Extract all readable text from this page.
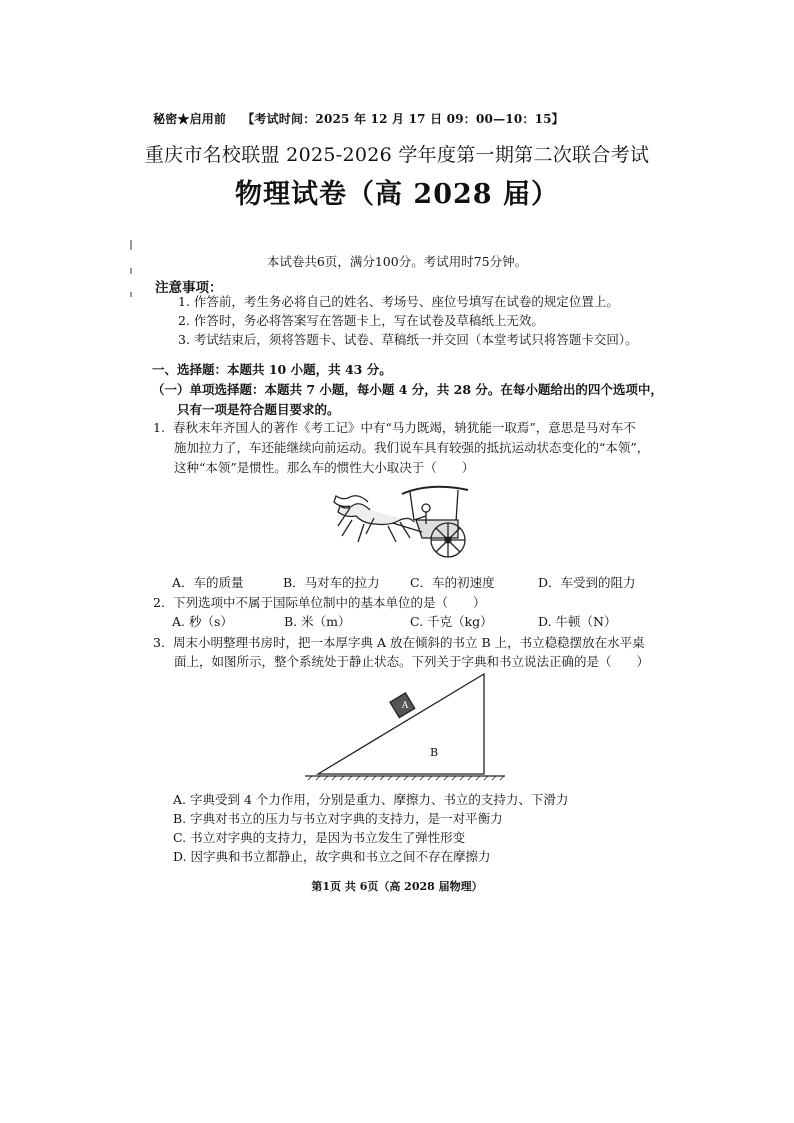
秘密★启用前 【考试时间：2025 年 12 月 17 日 09：00—10：15】
重庆市名校联盟 2025-2026 学年度第一期第二次联合考试
物理试卷（高 2028 届）
本试卷共6页，满分100分。考试用时75分钟。
注意事项：
1. 作答前，考生务必将自己的姓名、考场号、座位号填写在试卷的规定位置上。
2. 作答时，务必将答案写在答题卡上，写在试卷及草稿纸上无效。
3. 考试结束后，须将答题卡、试卷、草稿纸一并交回（本堂考试只将答题卡交回）。
一、选择题：本题共 10 小题，共 43 分。
（一）单项选择题：本题共 7 小题，每小题 4 分，共 28 分。在每小题给出的四个选项中，
只有一项是符合题目要求的。
1. 春秋末年齐国人的著作《考工记》中有“马力既竭，辀犹能一取焉”，意思是马对车不
施加拉力了，车还能继续向前运动。我们说车具有较强的抵抗运动状态变化的“本领”，
这种“本领”是惯性。那么车的惯性大小取决于（　　）
A．车的质量	B．马对车的拉力	C．车的初速度	D．车受到的阻力
2. 下列选项中不属于国际单位制中的基本单位的是（　　）
A. 秒（s）	B. 米（m）	C. 千克（kg）	D. 牛顿（N）
3. 周末小明整理书房时，把一本厚字典 A 放在倾斜的书立 B 上，书立稳稳摆放在水平桌
面上，如图所示，整个系统处于静止状态。下列关于字典和书立说法正确的是（　　）
A
B
A. 字典受到 4 个力作用，分别是重力、摩擦力、书立的支持力、下滑力
B. 字典对书立的压力与书立对字典的支持力，是一对平衡力
C. 书立对字典的支持力，是因为书立发生了弹性形变
D. 因字典和书立都静止，故字典和书立之间不存在摩擦力
第1页 共 6页（高 2028 届物理）
